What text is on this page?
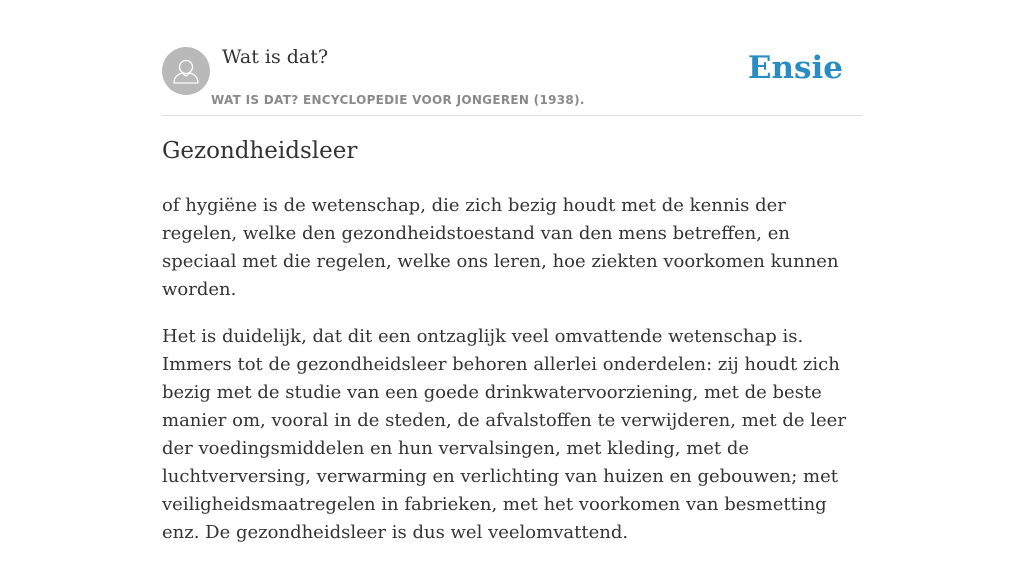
Wat is dat?
WAT IS DAT? ENCYCLOPEDIE VOOR JONGEREN (1938).
Ensie
Gezondheidsleer

of hygiëne is de wetenschap, die zich bezig houdt met de kennis der regelen, welke den gezondheidstoestand van den mens betreffen, en speciaal met die regelen, welke ons leren, hoe ziekten voorkomen kunnen worden.

Het is duidelijk, dat dit een ontzaglijk veel omvattende wetenschap is. Immers tot de gezondheidsleer behoren allerlei onderdelen: zij houdt zich bezig met de studie van een goede drinkwatervoorziening, met de beste manier om, vooral in de steden, de afvalstoffen te verwijderen, met de leer der voedingsmiddelen en hun vervalsingen, met kleding, met de luchtverversing, verwarming en verlichting van huizen en gebouwen; met veiligheidsmaatregelen in fabrieken, met het voorkomen van besmetting enz. De gezondheidsleer is dus wel veelomvattend.
